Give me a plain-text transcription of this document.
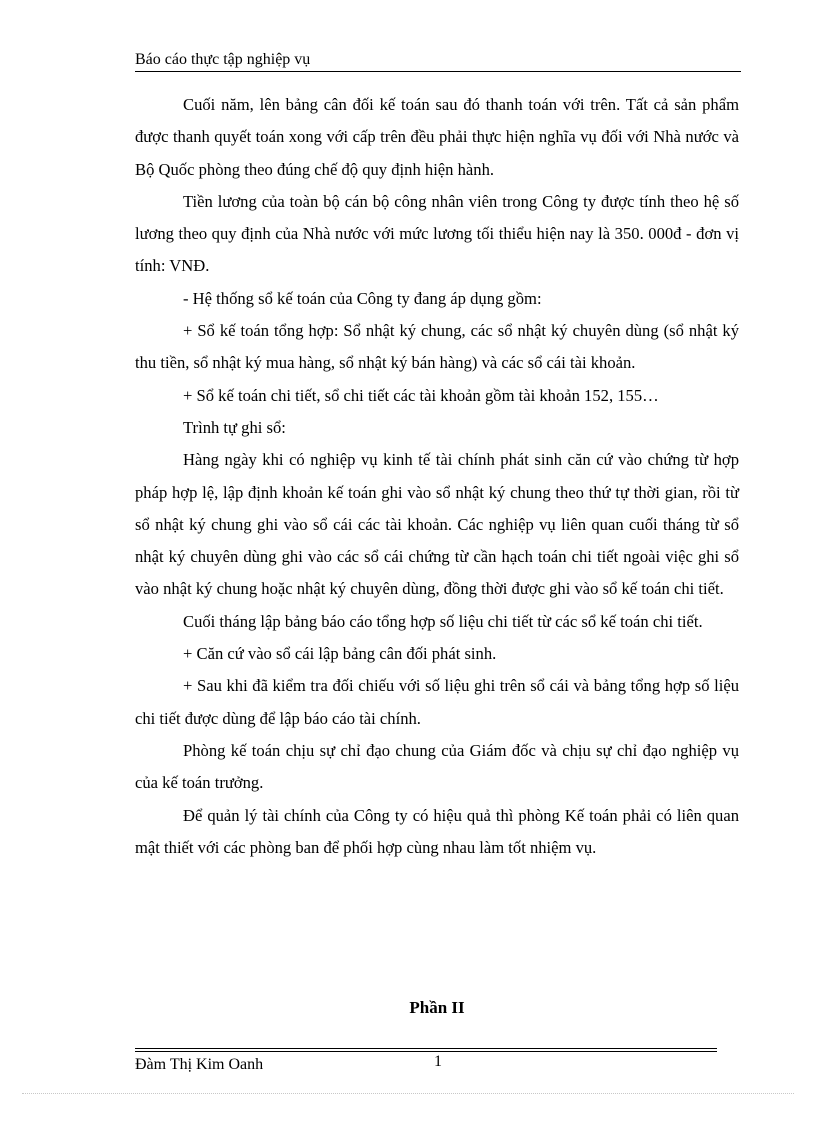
Báo cáo thực tập nghiệp vụ

Cuối năm, lên bảng cân đối kế toán sau đó thanh toán với trên. Tất cả sản phẩm được thanh quyết toán xong với cấp trên đều phải thực hiện nghĩa vụ đối với Nhà nước và Bộ Quốc phòng theo đúng chế độ quy định hiện hành.

Tiền lương của toàn bộ cán bộ công nhân viên trong Công ty được tính theo hệ số lương theo quy định của Nhà nước với mức lương tối thiểu hiện nay là 350. 000đ - đơn vị tính: VNĐ.

- Hệ thống sổ kế toán của Công ty đang áp dụng gồm:

+ Sổ kế toán tổng hợp: Sổ nhật ký chung, các sổ nhật ký chuyên dùng (sổ nhật ký thu tiền, sổ nhật ký mua hàng, sổ nhật ký bán hàng) và các sổ cái tài khoản.

+ Sổ kế toán chi tiết, sổ chi tiết các tài khoản gồm tài khoản 152, 155…

Trình tự ghi sổ:

Hàng ngày khi có nghiệp vụ kinh tế tài chính phát sinh căn cứ vào chứng từ hợp pháp hợp lệ, lập định khoản kế toán ghi vào sổ nhật ký chung theo thứ tự thời gian, rồi từ sổ nhật ký chung ghi vào sổ cái các tài khoản. Các nghiệp vụ liên quan cuối tháng từ sổ nhật ký chuyên dùng ghi vào các sổ cái chứng từ cần hạch toán chi tiết ngoài việc ghi sổ vào nhật ký chung hoặc nhật ký chuyên dùng, đồng thời được ghi vào sổ kế toán chi tiết.

Cuối tháng lập bảng báo cáo tổng hợp số liệu chi tiết từ các sổ kế toán chi tiết.

+ Căn cứ vào sổ cái lập bảng cân đối phát sinh.

+ Sau khi đã kiểm tra đối chiếu với số liệu ghi trên sổ cái và bảng tổng hợp số liệu chi tiết được dùng để lập báo cáo tài chính.

Phòng kế toán chịu sự chỉ đạo chung của Giám đốc và chịu sự chỉ đạo nghiệp vụ của kế toán trưởng.

Để quản lý tài chính của Công ty có hiệu quả thì phòng Kế toán phải có liên quan mật thiết với các phòng ban để phối hợp cùng nhau làm tốt nhiệm vụ.

Phần II
Đàm Thị Kim Oanh	1
